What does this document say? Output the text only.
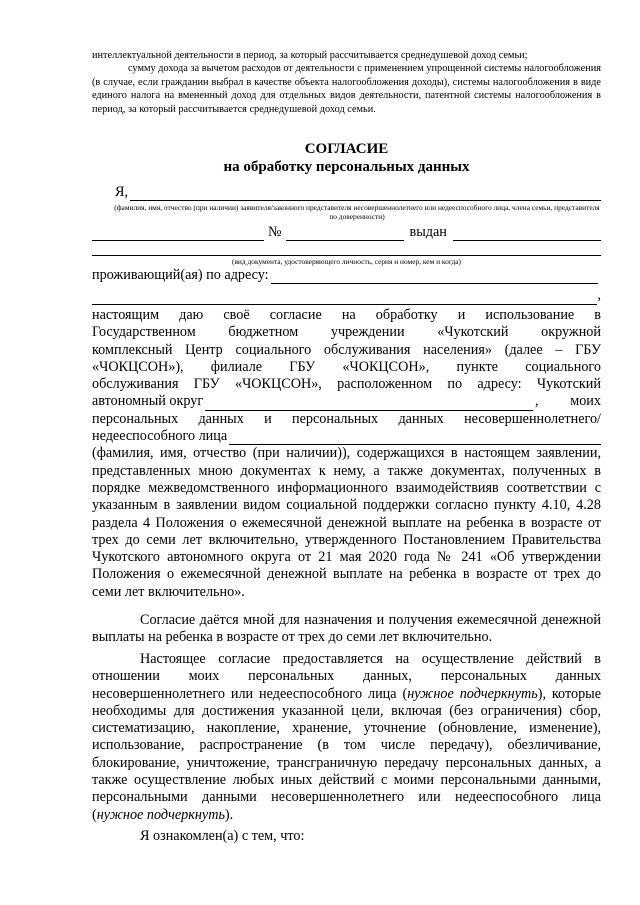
интеллектуальной деятельности в период, за который рассчитывается среднедушевой доход семьи;

сумму дохода за вычетом расходов от деятельности с применением упрощенной системы налогообложения (в случае, если гражданин выбрал в качестве объекта налогообложения доходы), системы налогообложения в виде единого налога на вмененный доход для отдельных видов деятельности, патентной системы налогообложения в период, за который рассчитывается среднедушевой доход семьи.

СОГЛАСИЕ

на обработку персональных данных

Я,
(фамилия, имя, отчество (при наличии) заявителя/законного представителя несовершеннолетнего или недееспособного лица, члена семьи, представителя по доверенности)
№	выдан
(вид документа, удостоверяющего личность, серия и номер, кем и когда)
проживающий(ая) по адресу:
,

настоящим даю своё согласие на обработку и использование в

Государственном бюджетном учреждении «Чукотский окружной

комплексный Центр социального обслуживания населения» (далее – ГБУ

«ЧОКЦСОН»), филиале ГБУ «ЧОКЦСОН», пункте социального

обслуживания ГБУ «ЧОКЦСОН», расположенном по адресу: Чукотский

автономный округ	, моих

персональных данных и персональных данных несовершеннолетнего/

недееспособного лица

(фамилия, имя, отчество (при наличии)), содержащихся в настоящем заявлении, представленных мною документах к нему, а также документах, полученных в порядке межведомственного информационного взаимодействияв соответствии с указанным в заявлении видом социальной поддержки согласно пункту 4.10, 4.28 раздела 4 Положения о ежемесячной денежной выплате на ребенка в возрасте от трех до семи лет включительно, утвержденного Постановлением Правительства Чукотского автономного округа от 21 мая 2020 года № 241 «Об утверждении Положения о ежемесячной денежной выплате на ребенка в возрасте от трех до семи лет включительно».

Согласие даётся мной для назначения и получения ежемесячной денежной выплаты на ребенка в возрасте от трех до семи лет включительно.

Настоящее согласие предоставляется на осуществление действий в отношении моих персональных данных, персональных данных несовершеннолетнего или недееспособного лица (нужное подчеркнуть), которые необходимы для достижения указанной цели, включая (без ограничения) сбор, систематизацию, накопление, хранение, уточнение (обновление, изменение), использование, распространение (в том числе передачу), обезличивание, блокирование, уничтожение, трансграничную передачу персональных данных, а также осуществление любых иных действий с моими персональными данными, персональными данными несовершеннолетнего или недееспособного лица (нужное подчеркнуть).

Я ознакомлен(а) с тем, что:
